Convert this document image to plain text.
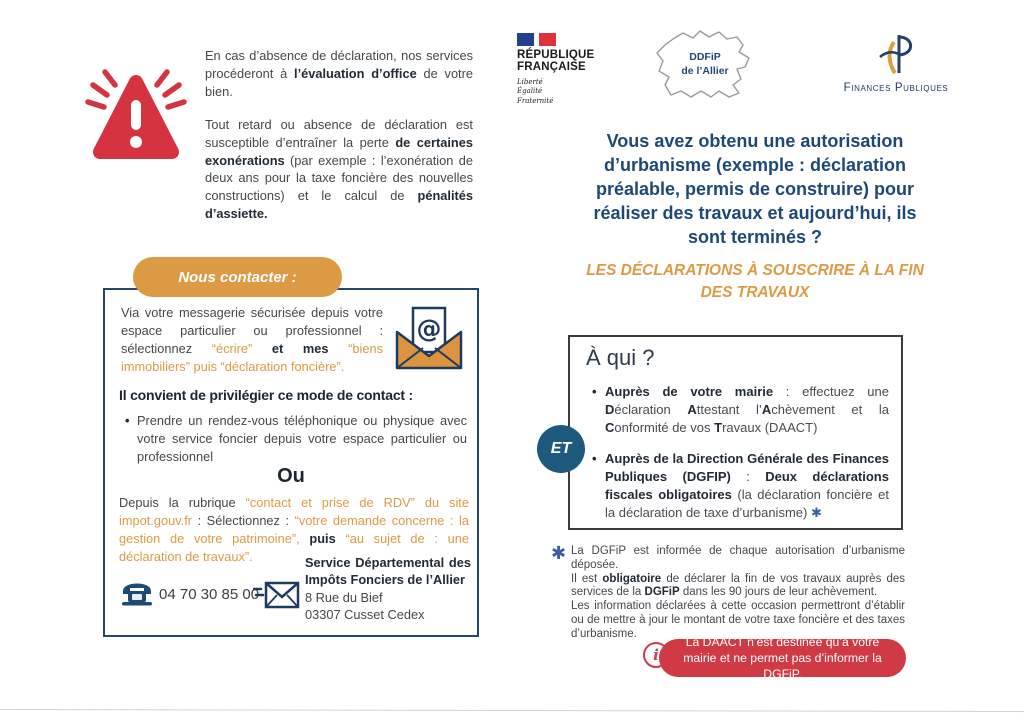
En cas d’absence de déclaration, nos services procéderont à l’évaluation d’office de votre bien.

Tout retard ou absence de déclaration est susceptible d’entraîner la perte de certaines exonérations (par exemple : l’exonération de deux ans pour la taxe foncière des nouvelles constructions) et le calcul de pénalités d’assiette.

Nous contacter :
@
Via votre messagerie sécurisée depuis votre espace particulier ou professionnel : sélectionnez “écrire” et mes “biens immobiliers” puis “déclaration foncière”.
Il convient de privilégier ce mode de contact :
• Prendre un rendez-vous téléphonique ou physique avec votre service foncier depuis votre espace particulier ou professionnel
Ou
Depuis la rubrique “contact et prise de RDV” du site impot.gouv.fr : Sélectionnez : “votre demande concerne : la gestion de votre patrimoine”, puis “au sujet de : une déclaration de travaux”.
04 70 30 85 00
Service Départemental des Impôts Fonciers de l’Allier
8 Rue du Bief
03307 Cusset Cedex
RÉPUBLIQUE
FRANÇAISE
Liberté
Égalité
Fraternité
DDFiP
de l’Allier
Finances Publiques
Vous avez obtenu une autorisation d’urbanisme (exemple : déclaration préalable, permis de construire) pour réaliser des travaux et aujourd’hui, ils sont terminés ?
LES DÉCLARATIONS À SOUSCRIRE À LA FIN DES TRAVAUX
À qui ?
• Auprès de votre mairie : effectuez une Déclaration Attestant l’Achèvement et la Conformité de vos Travaux (DAACT)
• Auprès de la Direction Générale des Finances Publiques (DGFIP) : Deux déclarations fiscales obligatoires (la déclaration foncière et la déclaration de taxe d’urbanisme) ✱
ET
✱ La DGFiP est informée de chaque autorisation d’urbanisme déposée.

Il est obligatoire de déclarer la fin de vos travaux auprès des services de la DGFiP dans les 90 jours de leur achèvement.

Les information déclarées à cette occasion permettront d’établir ou de mettre à jour le montant de votre taxe foncière et des taxes d’urbanisme.

i
La DAACT n’est destinée qu’à votre mairie et ne permet pas d’informer la DGFiP.
